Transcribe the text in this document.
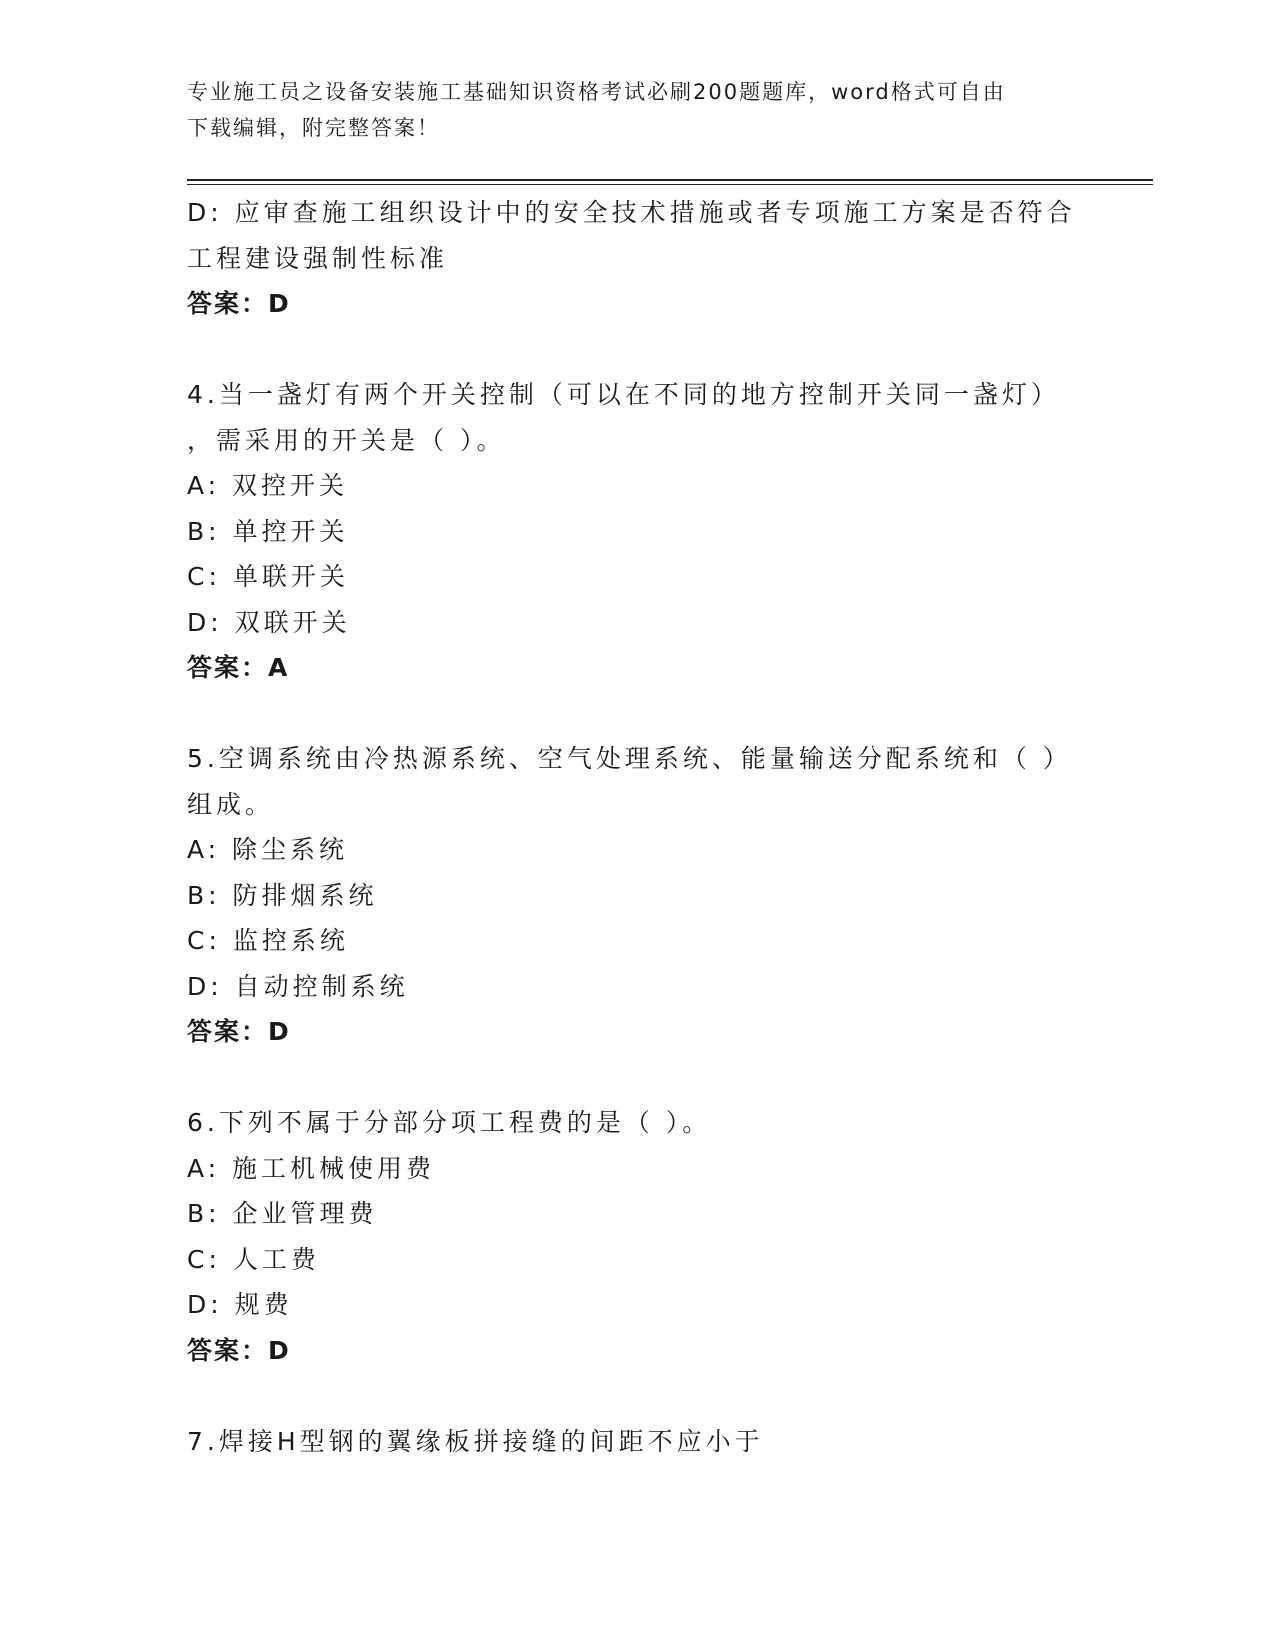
专业施工员之设备安装施工基础知识资格考试必刷200题题库，word格式可自由
下载编辑，附完整答案！
D: 应审查施工组织设计中的安全技术措施或者专项施工方案是否符合
工程建设强制性标准
答案：D
4.当一盏灯有两个开关控制（可以在不同的地方控制开关同一盏灯）
，需采用的开关是（ ）。
A: 双控开关
B: 单控开关
C: 单联开关
D: 双联开关
答案：A
5.空调系统由冷热源系统、空气处理系统、能量输送分配系统和（ ）
组成。
A: 除尘系统
B: 防排烟系统
C: 监控系统
D: 自动控制系统
答案：D
6.下列不属于分部分项工程费的是（ ）。
A: 施工机械使用费
B: 企业管理费
C: 人工费
D: 规费
答案：D
7.焊接H型钢的翼缘板拼接缝的间距不应小于
